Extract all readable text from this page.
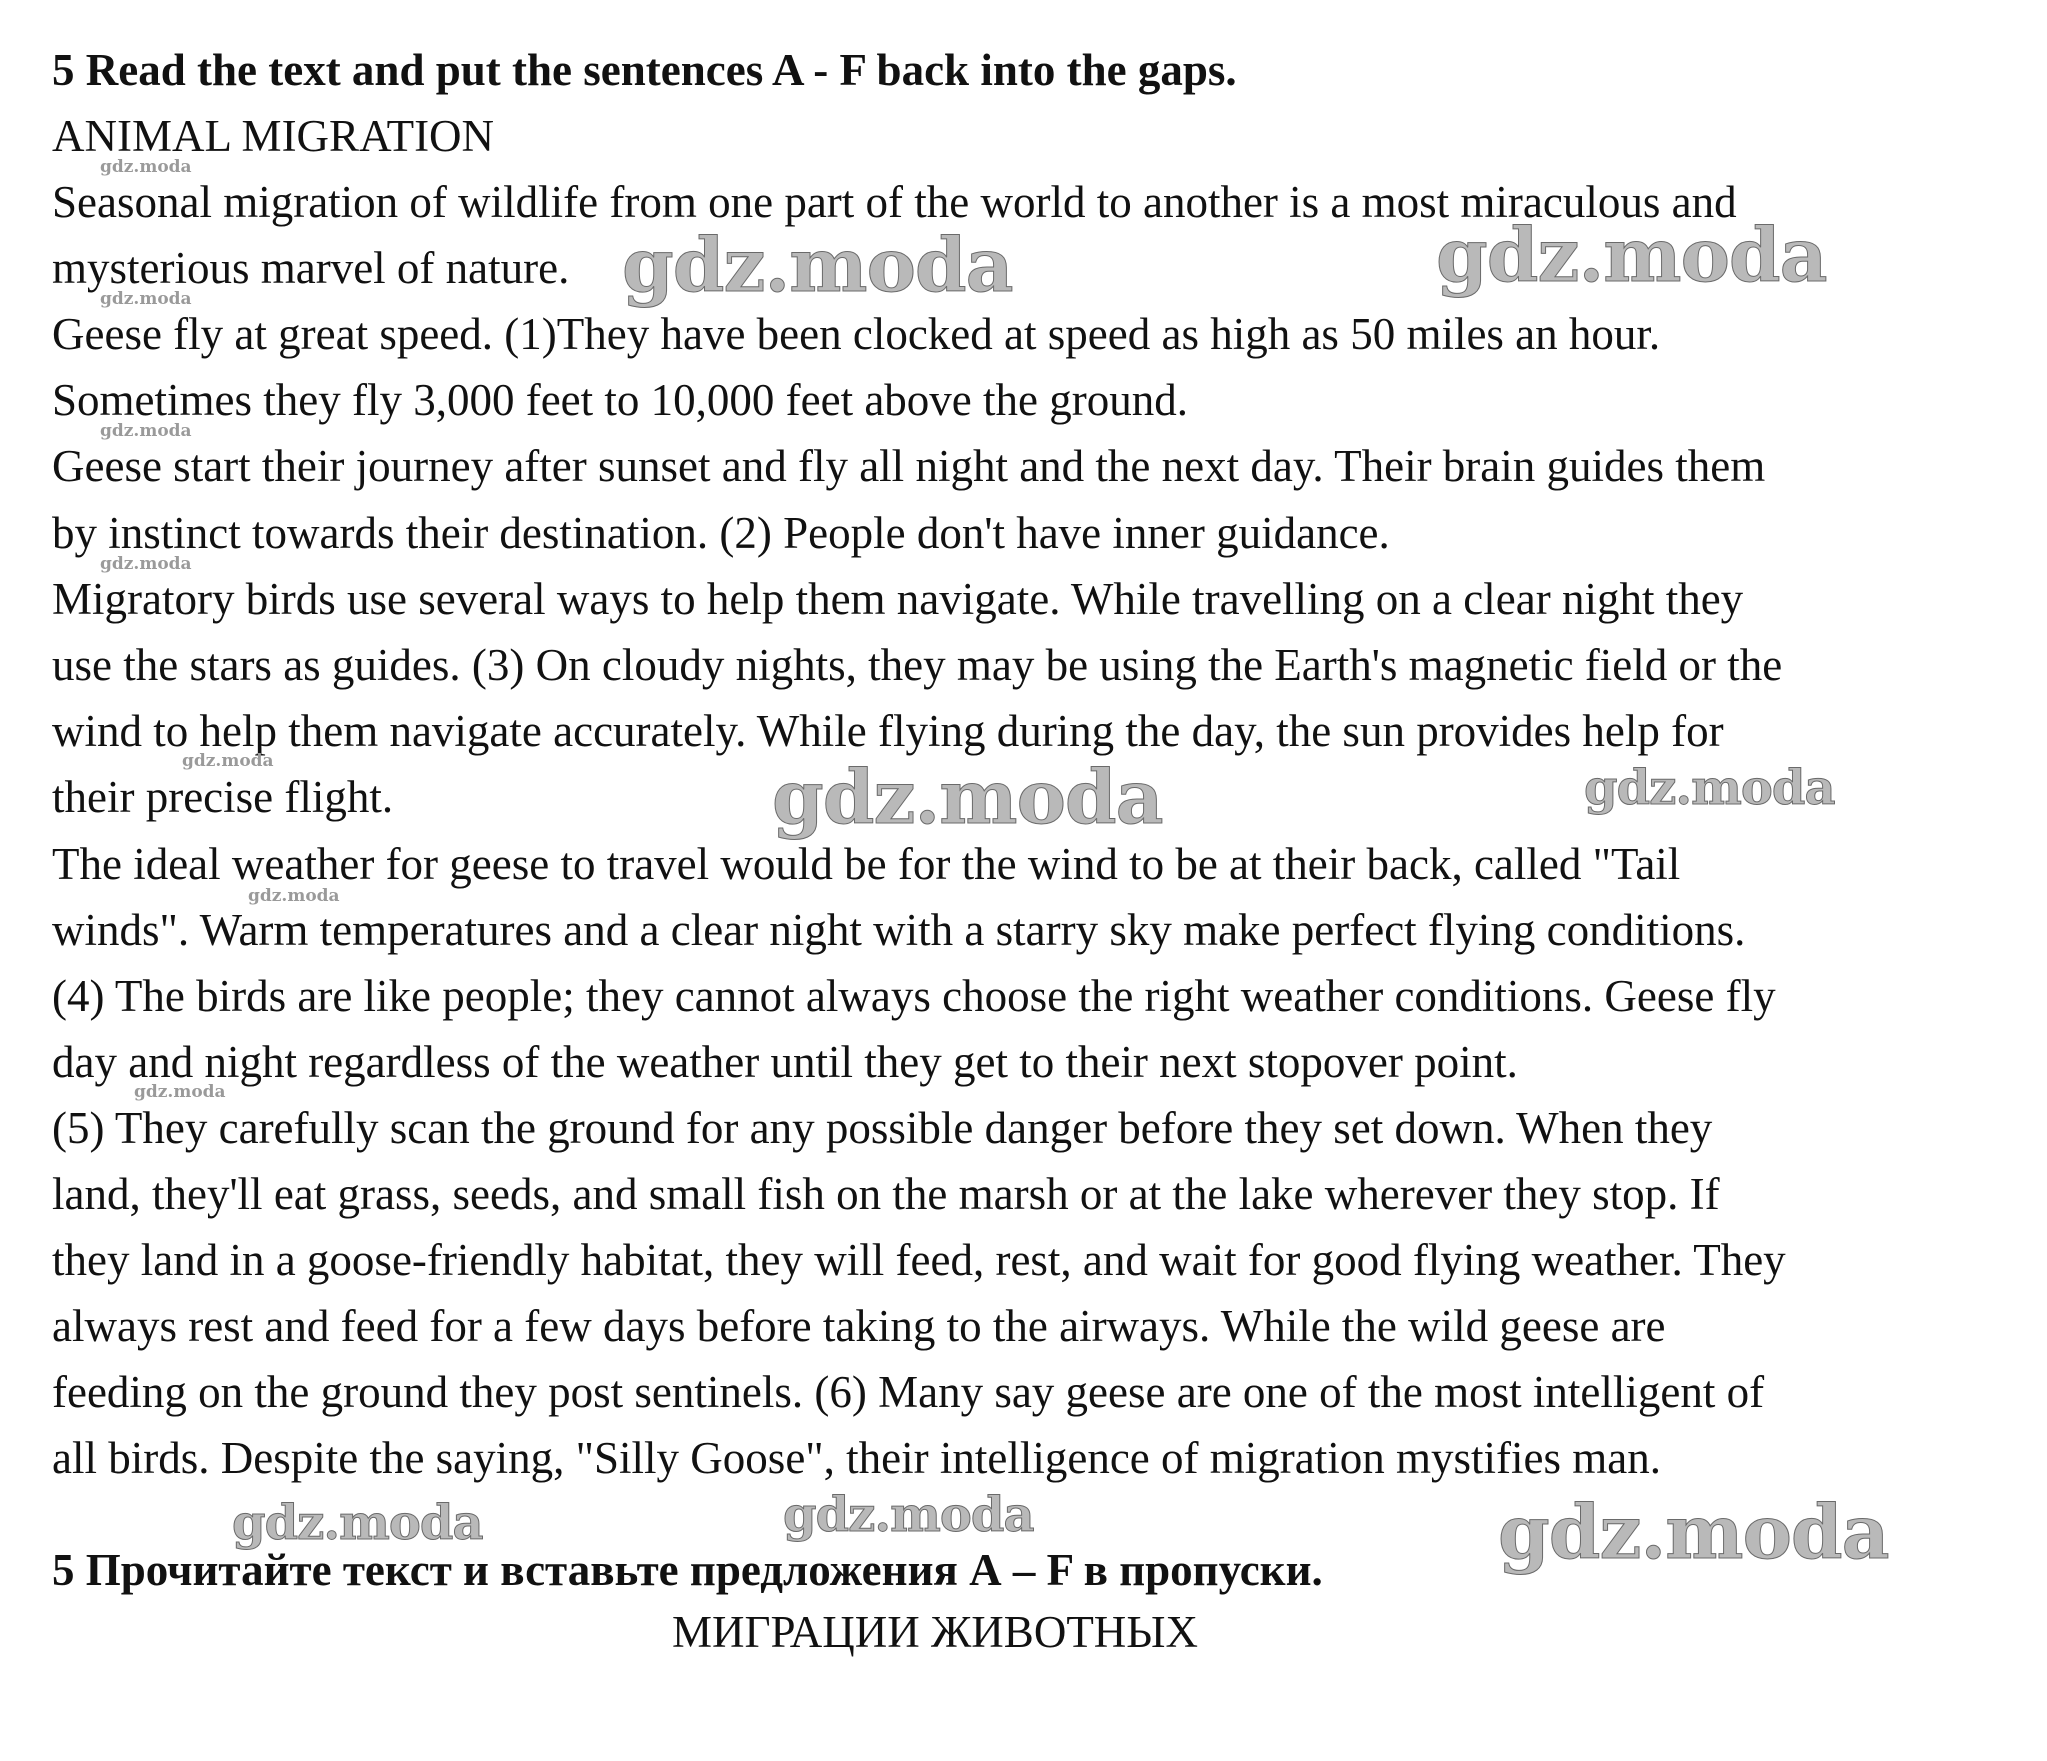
5 Read the text and put the sentences A - F back into the gaps.
ANIMAL MIGRATION
Seasonal migration of wildlife from one part of the world to another is a most miraculous and
mysterious marvel of nature.
Geese fly at great speed. (1)They have been clocked at speed as high as 50 miles an hour.
Sometimes they fly 3,000 feet to 10,000 feet above the ground.
Geese start their journey after sunset and fly all night and the next day. Their brain guides them
by instinct towards their destination. (2) People don't have inner guidance.
Migratory birds use several ways to help them navigate. While travelling on a clear night they
use the stars as guides. (3) On cloudy nights, they may be using the Earth's magnetic field or the
wind to help them navigate accurately. While flying during the day, the sun provides help for
their precise flight.
The ideal weather for geese to travel would be for the wind to be at their back, called "Tail
winds". Warm temperatures and a clear night with a starry sky make perfect flying conditions.
(4) The birds are like people; they cannot always choose the right weather conditions. Geese fly
day and night regardless of the weather until they get to their next stopover point.
(5) They carefully scan the ground for any possible danger before they set down. When they
land, they'll eat grass, seeds, and small fish on the marsh or at the lake wherever they stop. If
they land in a goose-friendly habitat, they will feed, rest, and wait for good flying weather. They
always rest and feed for a few days before taking to the airways. While the wild geese are
feeding on the ground they post sentinels. (6) Many say geese are one of the most intelligent of
all birds. Despite the saying, "Silly Goose", their intelligence of migration mystifies man.
5 Прочитайте текст и вставьте предложения А – F в пропуски.
МИГРАЦИИ ЖИВОТНЫХ
gdz.moda	gdz.moda
gdz.moda	gdz.moda
gdz.moda	gdz.moda	gdz.moda
gdz.moda
gdz.moda
gdz.moda
gdz.moda
gdz.moda
gdz.moda
gdz.moda
